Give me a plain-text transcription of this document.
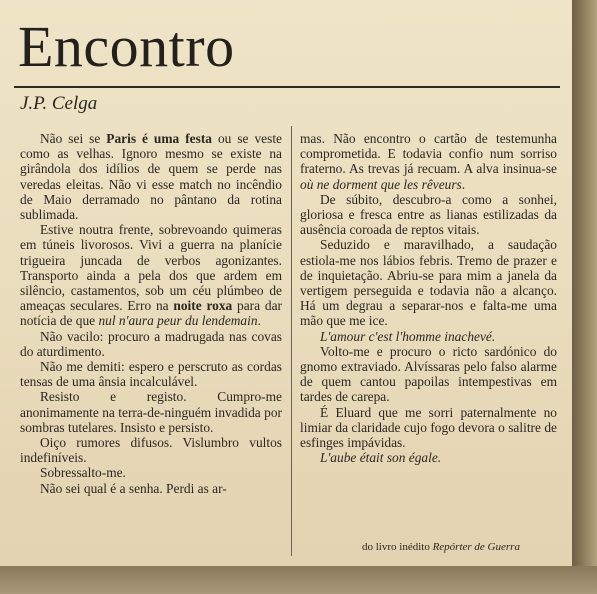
Encontro
J.P. Celga

Não sei se Paris é uma festa ou se veste como as velhas. Ignoro mesmo se existe na girândola dos idílios de quem se perde nas veredas eleitas. Não vi esse match no incêndio de Maio derramado no pântano da rotina sublimada.

Estive noutra frente, sobrevoando quimeras em túneis livorosos. Vivi a guerra na planície trigueira juncada de verbos agonizantes. Transporto ainda a pela dos que ardem em silêncio, castamentos, sob um céu plúmbeo de ameaças seculares. Erro na noite roxa para dar notícia de que nul n'aura peur du lendemain.

Não vacilo: procuro a madrugada nas covas do aturdimento.

Não me demiti: espero e perscruto as cordas tensas de uma ânsia incalculável.

Resisto e registo. Cumpro-me anonimamente na terra-de-ninguém invadida por sombras tutelares. Insisto e persisto.

Oiço rumores difusos. Vislumbro vultos indefiníveis.

Sobressalto-me.

Não sei qual é a senha. Perdi as ar-

mas. Não encontro o cartão de testemunha comprometida. E todavia confio num sorriso fraterno. As trevas já recuam. A alva insinua-se où ne dorment que les rêveurs.

De súbito, descubro-a como a sonhei, gloriosa e fresca entre as lianas estilizadas da ausência coroada de reptos vitais.

Seduzido e maravilhado, a saudação estiola-me nos lábios febris. Tremo de prazer e de inquietação. Abriu-se para mim a janela da vertigem perseguida e todavia não a alcanço. Há um degrau a separar-nos e falta-me uma mão que me ice.

L'amour c'est l'homme inachevé.

Volto-me e procuro o ricto sardónico do gnomo extraviado. Alvíssaras pelo falso alarme de quem cantou papoilas intempestivas em tardes de carepa.

É Eluard que me sorri paternalmente no limiar da claridade cujo fogo devora o salitre de esfinges impávidas.

L'aube était son égale.

do livro inédito Repórter de Guerra
